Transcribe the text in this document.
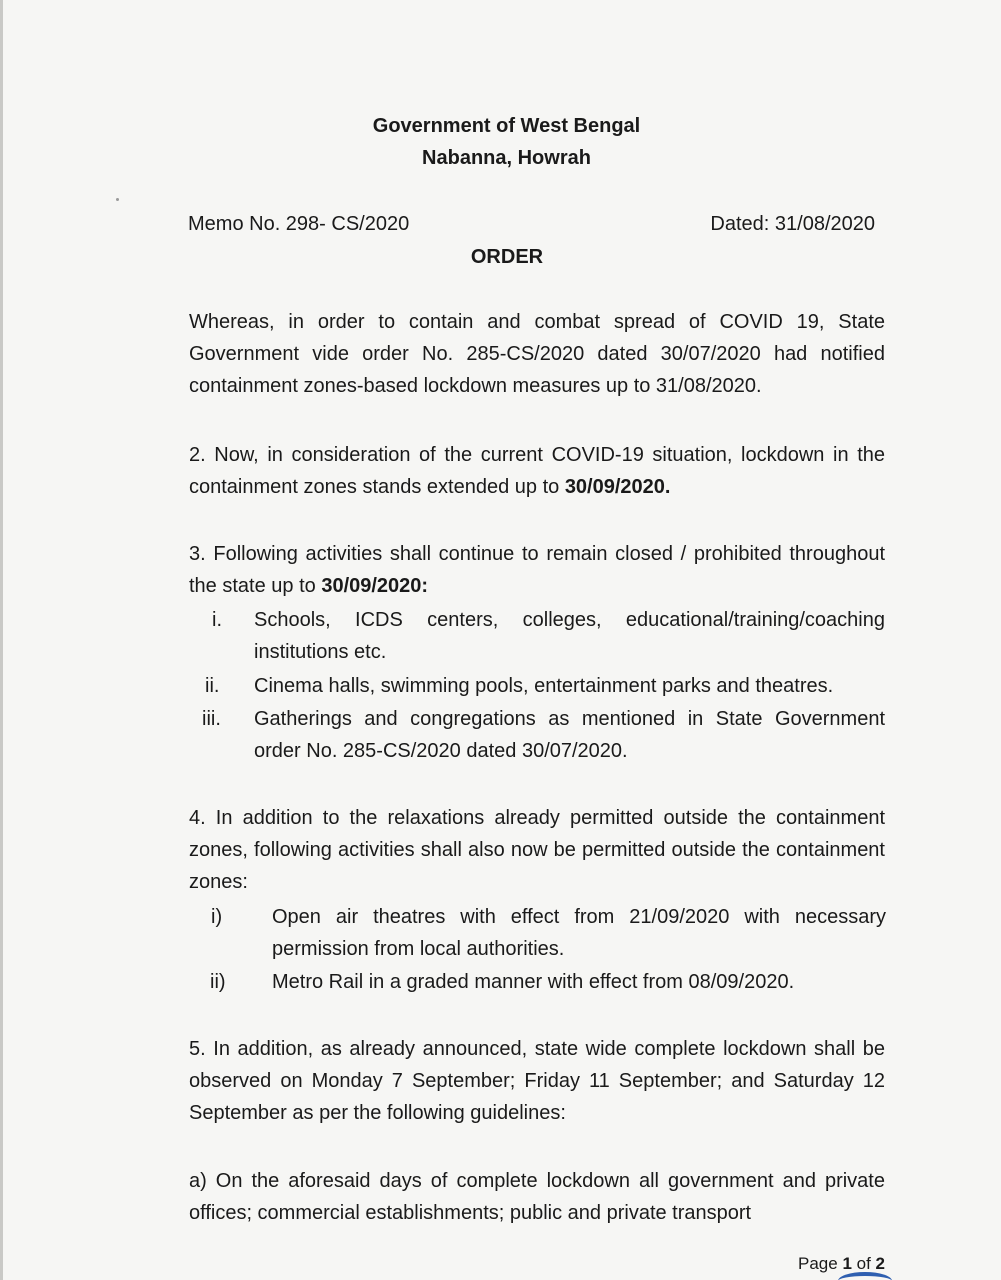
Government of West Bengal
Nabanna, Howrah
Memo No. 298- CS/2020	Dated: 31/08/2020
ORDER

Whereas, in order to contain and combat spread of COVID 19, State Government vide order No. 285-CS/2020 dated 30/07/2020 had notified containment zones-based lockdown measures up to 31/08/2020.

2. Now, in consideration of the current COVID-19 situation, lockdown in the containment zones stands extended up to 30/09/2020.

3. Following activities shall continue to remain closed / prohibited throughout the state up to 30/09/2020:

i.	Schools, ICDS centers, colleges, educational/training/coaching institutions etc.
ii.	Cinema halls, swimming pools, entertainment parks and theatres.
iii.	Gatherings and congregations as mentioned in State Government order No. 285-CS/2020 dated 30/07/2020.

4. In addition to the relaxations already permitted outside the containment zones, following activities shall also now be permitted outside the containment zones:

i)	Open air theatres with effect from 21/09/2020 with necessary permission from local authorities.
ii)	Metro Rail in a graded manner with effect from 08/09/2020.

5. In addition, as already announced, state wide complete lockdown shall be observed on Monday 7 September; Friday 11 September; and Saturday 12 September as per the following guidelines:

a) On the aforesaid days of complete lockdown all government and private offices; commercial establishments; public and private transport

Page 1 of 2
